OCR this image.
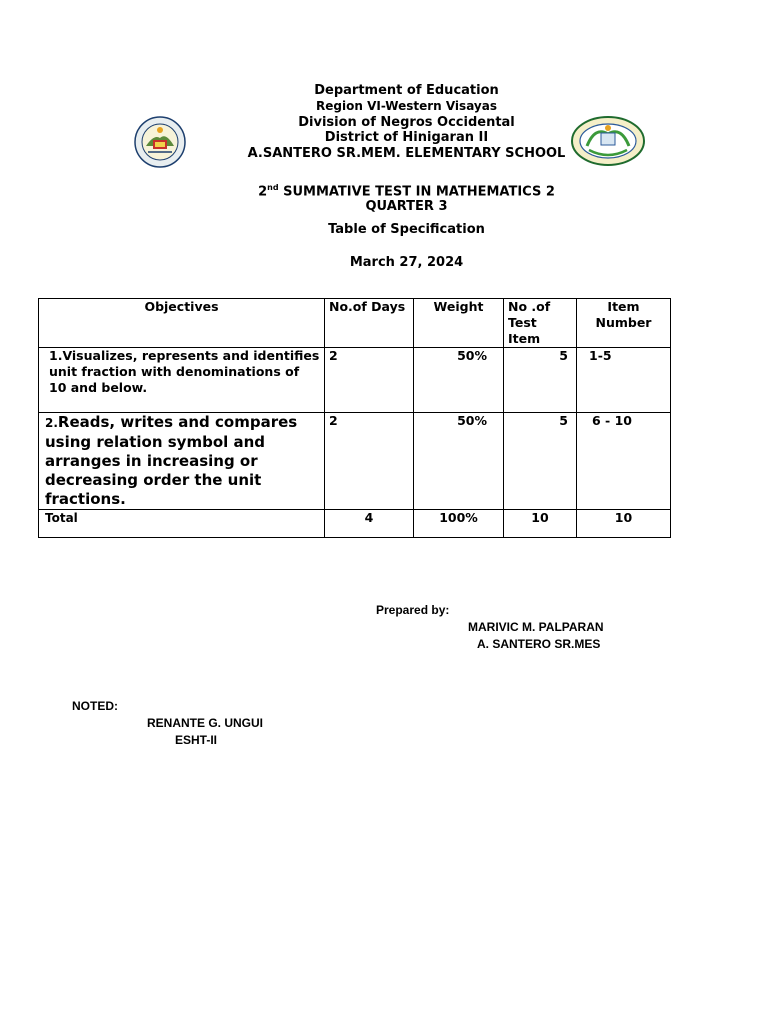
Department of Education
Region VI-Western Visayas
Division of Negros Occidental
District of Hinigaran II
A.SANTERO SR.MEM. ELEMENTARY SCHOOL
2nd SUMMATIVE TEST IN MATHEMATICS 2
QUARTER 3
Table of Specification
March 27, 2024
Objectives	No.of Days	Weight	No .of Test Item	Item Number
1.Visualizes, represents and identifies unit fraction with denominations of 10 and below.	2	50%	5	1-5
2.Reads, writes and compares using relation symbol and arranges in increasing or decreasing order the unit fractions.	2	50%	5	6 - 10
Total	4	100%	10	10
Prepared by:
MARIVIC M. PALPARAN
A. SANTERO SR.MES
NOTED:
RENANTE G. UNGUI
ESHT-II
